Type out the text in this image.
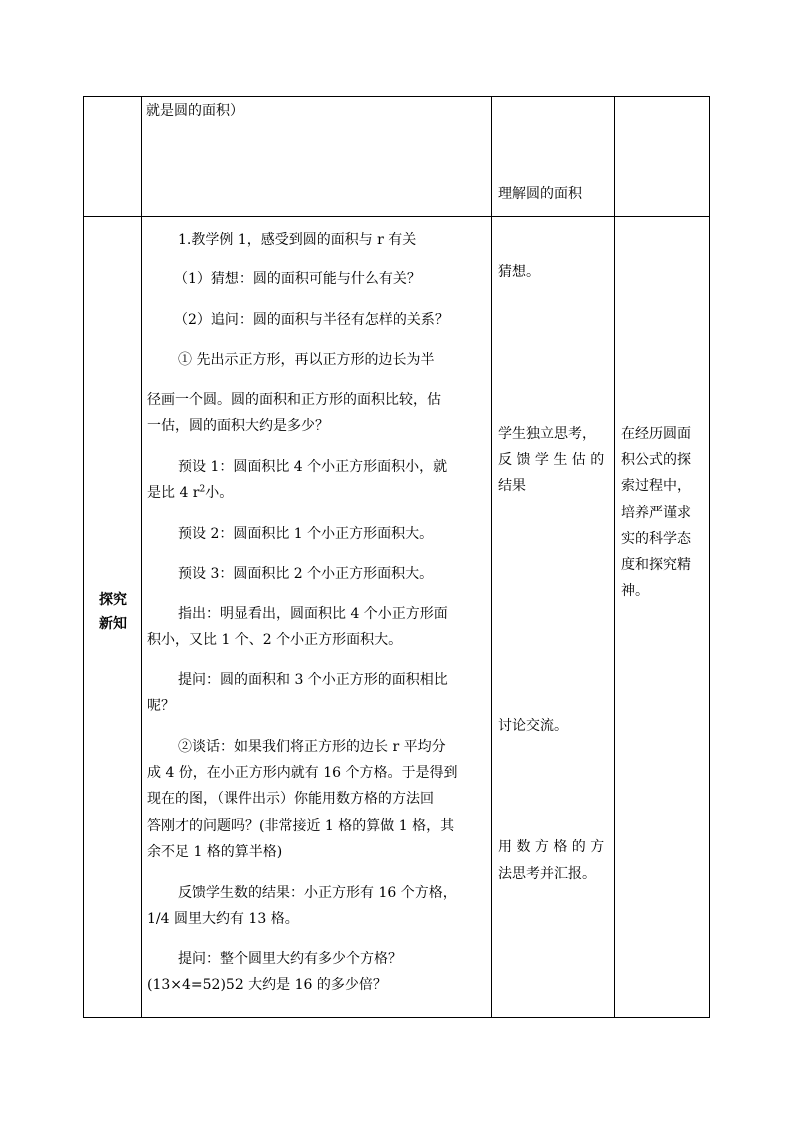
就是圆的面积）
理解圆的面积
探究
新知
1.教学例 1，感受到圆的面积与 r 有关
（1）猜想：圆的面积可能与什么有关？
（2）追问：圆的面积与半径有怎样的关系？
① 先出示正方形，再以正方形的边长为半
径画一个圆。圆的面积和正方形的面积比较，估
一估，圆的面积大约是多少？
预设 1：圆面积比 4 个小正方形面积小，就
是比 4 $r^2$小。
预设 2：圆面积比 1 个小正方形面积大。
预设 3：圆面积比 2 个小正方形面积大。
指出：明显看出，圆面积比 4 个小正方形面
积小，又比 1 个、2 个小正方形面积大。
提问：圆的面积和 3 个小正方形的面积相比
呢？
②谈话：如果我们将正方形的边长 r 平均分
成 4 份，在小正方形内就有 16 个方格。于是得到
现在的图，（课件出示）你能用数方格的方法回
答刚才的问题吗？(非常接近 1 格的算做 1 格，其
余不足 1 格的算半格)
反馈学生数的结果：小正方形有 16 个方格，
1/4 圆里大约有 13 格。
提问：整个圆里大约有多少个方格？
(13×4=52)52 大约是 16 的多少倍？
猜想。
学生独立思考，
反 馈 学 生 估 的
结果
讨论交流。
用 数 方 格 的 方
法思考并汇报。
在经历圆面
积公式的探
索过程中，
培养严谨求
实的科学态
度和探究精
神。
